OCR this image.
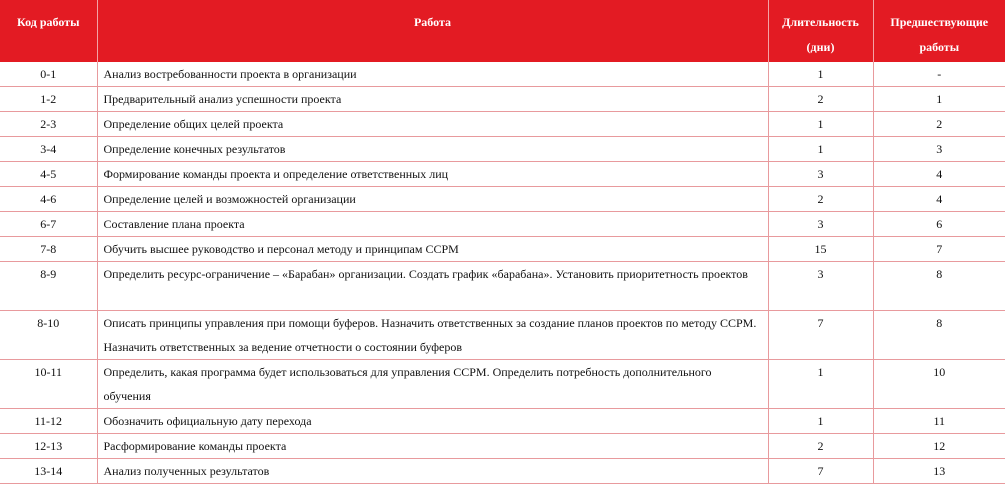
Код работы	Работа	Длительность (дни)	Предшествующие работы
0-1	Анализ востребованности проекта в организации	1	-
1-2	Предварительный анализ успешности проекта	2	1
2-3	Определение общих целей проекта	1	2
3-4	Определение конечных результатов	1	3
4-5	Формирование команды проекта и определение ответственных лиц	3	4
4-6	Определение целей и возможностей организации	2	4
6-7	Составление плана проекта	3	6
7-8	Обучить высшее руководство и персонал методу и принципам CCPM	15	7
8-9	Определить ресурс-ограничение – «Барабан» организации. Создать график «барабана». Установить приоритетность проектов	3	8
8-10	Описать принципы управления при помощи буферов. Назначить ответственных за создание планов проектов по методу CCPM. Назначить ответственных за ведение отчетности о состоянии буферов	7	8
10-11	Определить, какая программа будет использоваться для управления CCPM. Определить потребность дополнительного обучения	1	10
11-12	Обозначить официальную дату перехода	1	11
12-13	Расформирование команды проекта	2	12
13-14	Анализ полученных результатов	7	13
